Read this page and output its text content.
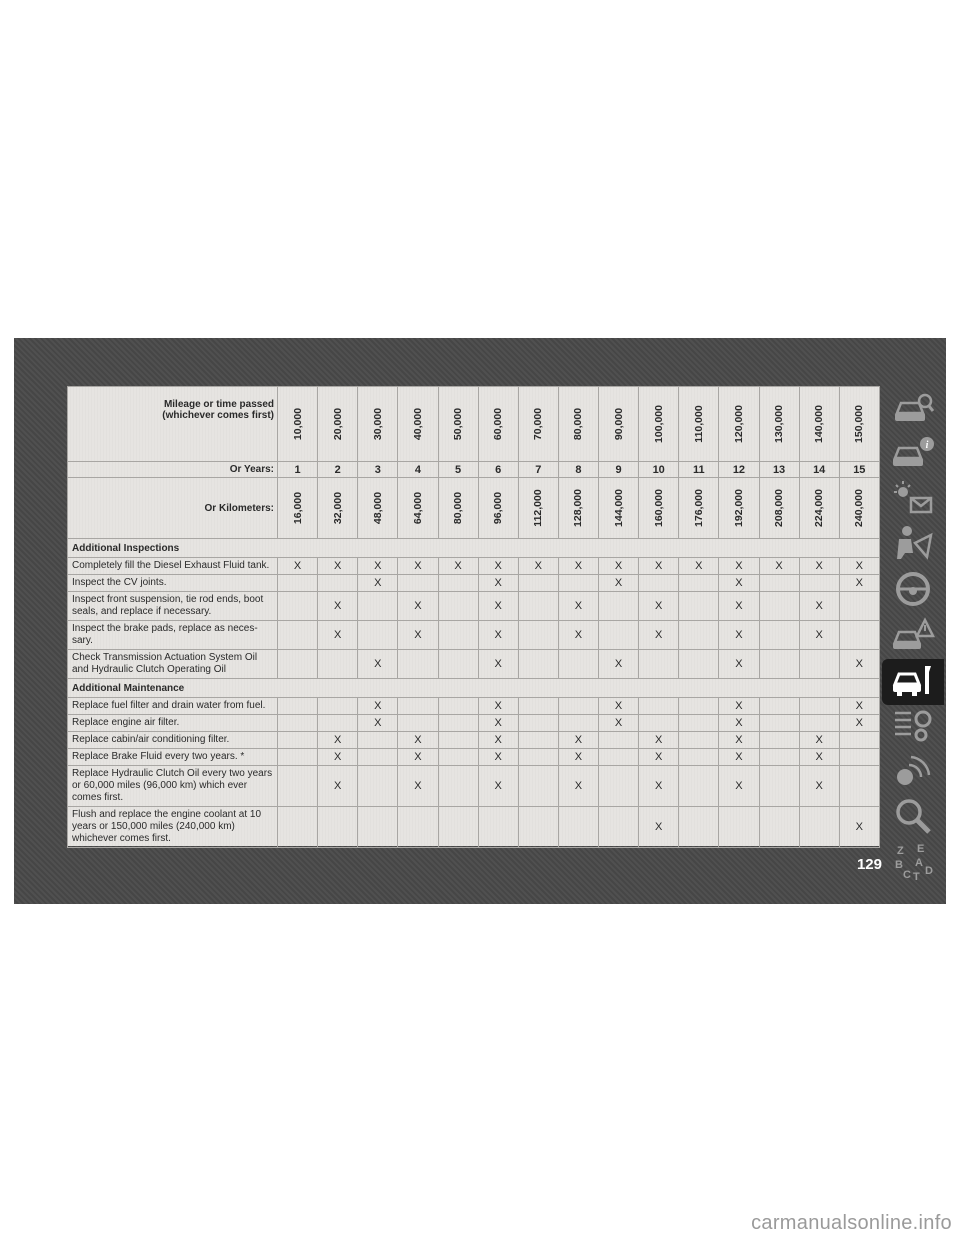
Mileage or time passed
(whichever comes first)	10,000	20,000	30,000	40,000	50,000	60,000	70,000	80,000	90,000	100,000	110,000	120,000	130,000	140,000	150,000

Or Years:	1	2	3	4	5	6	7	8	9	10	11	12	13	14	15
Or Kilometers:	16,000	32,000	48,000	64,000	80,000	96,000	112,000	128,000	144,000	160,000	176,000	192,000	208,000	224,000	240,000

Additional Inspections															
Completely fill the Diesel Exhaust Fluid tank.	X	X	X	X	X	X	X	X	X	X	X	X	X	X	X
Inspect the CV joints.			X			X			X			X			X
Inspect front suspension, tie rod ends, boot seals, and replace if necessary.		X		X		X		X		X		X		X	
Inspect the brake pads, replace as neces-sary.		X		X		X		X		X		X		X	
Check Transmission Actuation System Oil and Hydraulic Clutch Operating Oil			X			X			X			X			X
Additional Maintenance															
Replace fuel filter and drain water from fuel.			X			X			X			X			X
Replace engine air filter.			X			X			X			X			X
Replace cabin/air conditioning filter.		X		X		X		X		X		X		X	
Replace Brake Fluid every two years. *		X		X		X		X		X		X		X	
Replace Hydraulic Clutch Oil every two years or 60,000 miles (96,000 km) which ever comes first.		X		X		X		X		X		X		X	
Flush and replace the engine coolant at 10 years or 150,000 miles (240,000 km) whichever comes first.										X					X
i
Z E
B A
C T D
129
carmanualsonline.info
